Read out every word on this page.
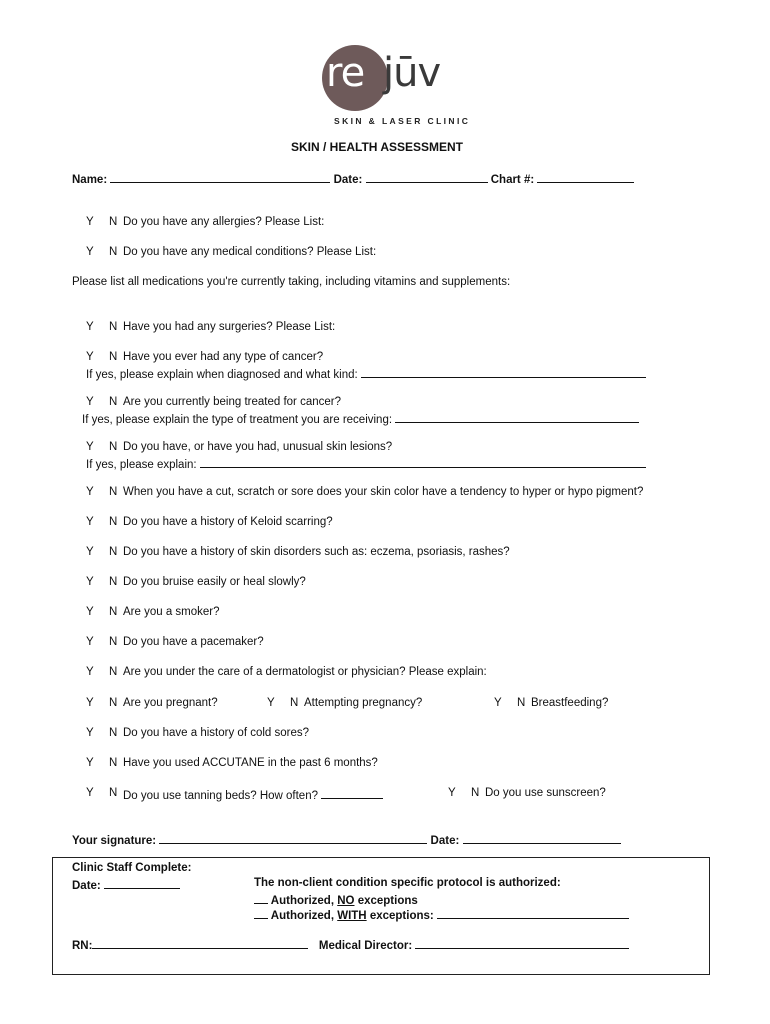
re jūv
SKIN & LASER CLINIC
SKIN / HEALTH ASSESSMENT
Name:	Date:	Chart #:
Y N Do you have any allergies? Please List:
Y N Do you have any medical conditions? Please List:
Please list all medications you're currently taking, including vitamins and supplements:
Y N Have you had any surgeries? Please List:
Y N Have you ever had any type of cancer?
If yes, please explain when diagnosed and what kind:
Y N Are you currently being treated for cancer?
If yes, please explain the type of treatment you are receiving:
Y N Do you have, or have you had, unusual skin lesions?
If yes, please explain:
Y N When you have a cut, scratch or sore does your skin color have a tendency to hyper or hypo pigment?
Y N Do you have a history of Keloid scarring?
Y N Do you have a history of skin disorders such as: eczema, psoriasis, rashes?
Y N Do you bruise easily or heal slowly?
Y N Are you a smoker?
Y N Do you have a pacemaker?
Y N Are you under the care of a dermatologist or physician? Please explain:
Y N Are you pregnant?	Y N Attempting pregnancy?	Y N Breastfeeding?
Y N Do you have a history of cold sores?
Y N Have you used ACCUTANE in the past 6 months?
Y N Do you use tanning beds? How often?	Y N Do you use sunscreen?
Your signature:	Date:
Clinic Staff Complete:
Date:	The non-client condition specific protocol is authorized:
Authorized, NO exceptions
Authorized, WITH exceptions:
RN:	Medical Director:
